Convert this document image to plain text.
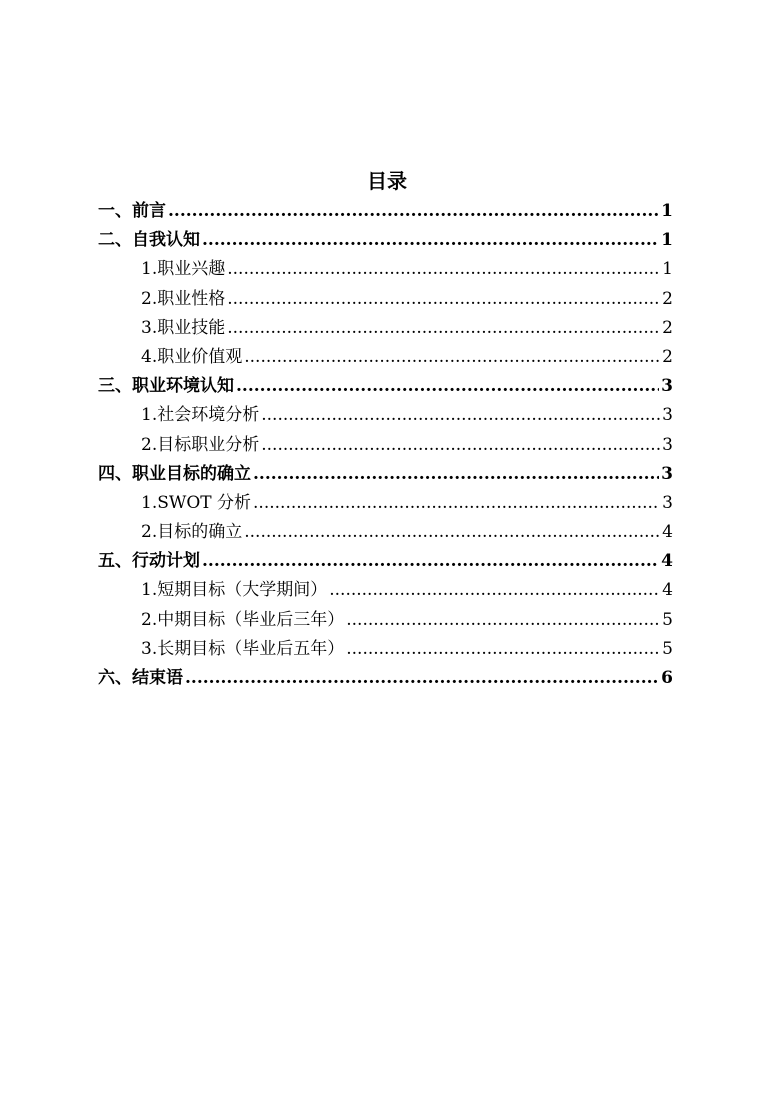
目录
一、前言 .....	1
二、自我认知 .....	1
1.职业兴趣 .....	1
2.职业性格 .....	2
3.职业技能 .....	2
4.职业价值观 .....	2
三、职业环境认知 .....	3
1.社会环境分析 .....	3
2.目标职业分析 .....	3
四、职业目标的确立 .....	3
1.SWOT 分析 .....	3
2.目标的确立 .....	4
五、行动计划 .....	4
1.短期目标（大学期间） .....	4
2.中期目标（毕业后三年） .....	5
3.长期目标（毕业后五年） .....	5
六、结束语 .....	6
